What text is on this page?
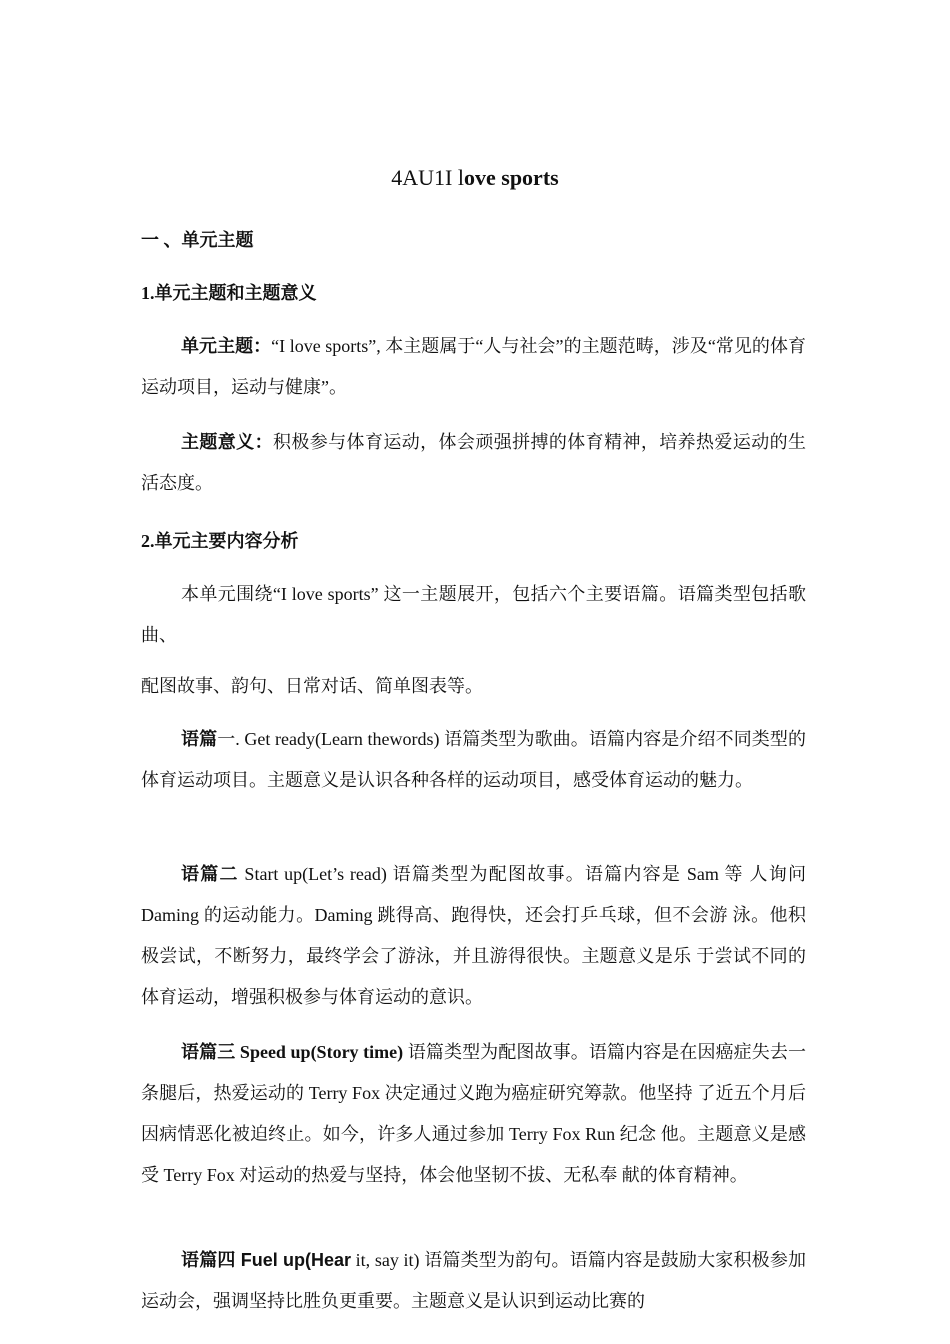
4AU1I love sports
一 、单元主题
1.单元主题和主题意义
单元主题：“I love sports”, 本主题属于“人与社会”的主题范畴，涉及“常见的体育运动项目，运动与健康”。
主题意义：积极参与体育运动，体会顽强拼搏的体育精神，培养热爱运动的生活态度。
2.单元主要内容分析
本单元围绕“I love sports” 这一主题展开，包括六个主要语篇。语篇类型包括歌曲、
配图故事、韵句、日常对话、简单图表等。
语篇一. Get ready(Learn thewords) 语篇类型为歌曲。语篇内容是介绍不同类型的体育运动项目。主题意义是认识各种各样的运动项目，感受体育运动的魅力。
语篇二 Start up(Let’s read) 语篇类型为配图故事。语篇内容是 Sam 等 人询问 Daming 的运动能力。Daming 跳得高、跑得快，还会打乒乓球，但不会游 泳。他积极尝试，不断努力，最终学会了游泳，并且游得很快。主题意义是乐 于尝试不同的体育运动，增强积极参与体育运动的意识。
语篇三 Speed up(Story time) 语篇类型为配图故事。语篇内容是在因癌症失去一条腿后，热爱运动的 Terry Fox 决定通过义跑为癌症研究筹款。他坚持 了近五个月后因病情恶化被迫终止。如今，许多人通过参加 Terry Fox Run 纪念 他。主题意义是感受 Terry Fox 对运动的热爱与坚持，体会他坚韧不拔、无私奉 献的体育精神。
语篇四 Fuel up(Hear it, say it) 语篇类型为韵句。语篇内容是鼓励大家积极参加运动会，强调坚持比胜负更重要。主题意义是认识到运动比赛的
